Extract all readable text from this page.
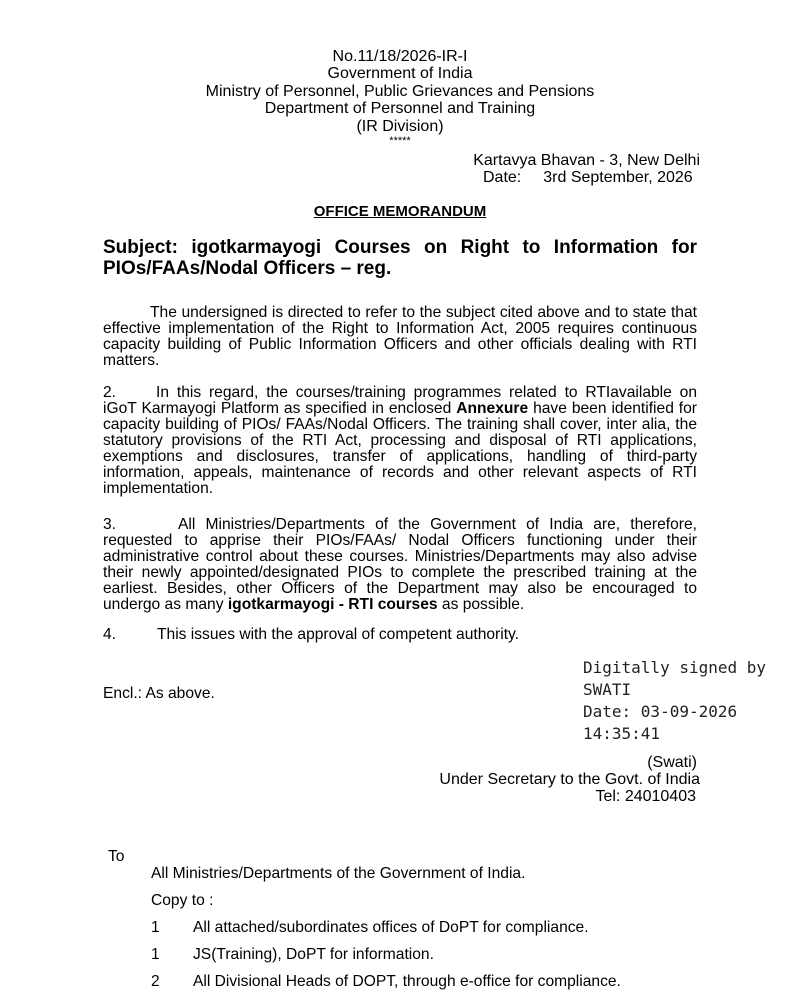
No.11/18/2026-IR-I
Government of India
Ministry of Personnel, Public Grievances and Pensions
Department of Personnel and Training
(IR Division)
*****
Kartavya Bhavan - 3, New Delhi
Date: 3rd September, 2026
OFFICE MEMORANDUM
Subject: igotkarmayogi Courses on Right to Information for PIOs/FAAs/Nodal Officers – reg.

The undersigned is directed to refer to the subject cited above and to state that effective implementation of the Right to Information Act, 2005 requires continuous capacity building of Public Information Officers and other officials dealing with RTI matters.

2.	In this regard, the courses/training programmes related to RTIavailable on iGoT Karmayogi Platform as specified in enclosed Annexure have been identified for capacity building of PIOs/ FAAs/Nodal Officers. The training shall cover, inter alia, the statutory provisions of the RTI Act, processing and disposal of RTI applications, exemptions and disclosures, transfer of applications, handling of third-party information, appeals, maintenance of records and other relevant aspects of RTI implementation.

3.	All Ministries/Departments of the Government of India are, therefore, requested to apprise their PIOs/FAAs/ Nodal Officers functioning under their administrative control about these courses. Ministries/Departments may also advise their newly appointed/designated PIOs to complete the prescribed training at the earliest. Besides, other Officers of the Department may also be encouraged to undergo as many igotkarmayogi - RTI courses as possible.

4.	This issues with the approval of competent authority.
Encl.: As above.
Digitally signed by
SWATI
Date: 03-09-2026
14:35:41
(Swati)
Under Secretary to the Govt. of India
Tel: 24010403
To
All Ministries/Departments of the Government of India.
Copy to :
1 All attached/subordinates offices of DoPT for compliance.
1 JS(Training), DoPT for information.
2 All Divisional Heads of DOPT, through e-office for compliance.
